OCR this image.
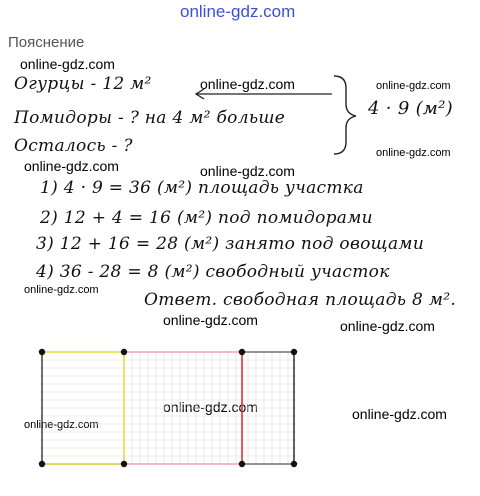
online-gdz.com
Пояснение
online-gdz.com
online-gdz.com	online-gdz.com
online-gdz.com
online-gdz.com	online-gdz.com
online-gdz.com
online-gdz.com	online-gdz.com
online-gdz.com	online-gdz.com
online-gdz.com
Огурцы - 12 м²
Помидоры - ? на 4 м² больше
Осталось - ?
4 · 9 (м²)
1) 4 · 9 = 36 (м²) площадь участка
2) 12 + 4 = 16 (м²) под помидорами
3) 12 + 16 = 28 (м²) занято под овощами
4) 36 - 28 = 8 (м²) свободный участок
Ответ. свободная площадь 8 м².
